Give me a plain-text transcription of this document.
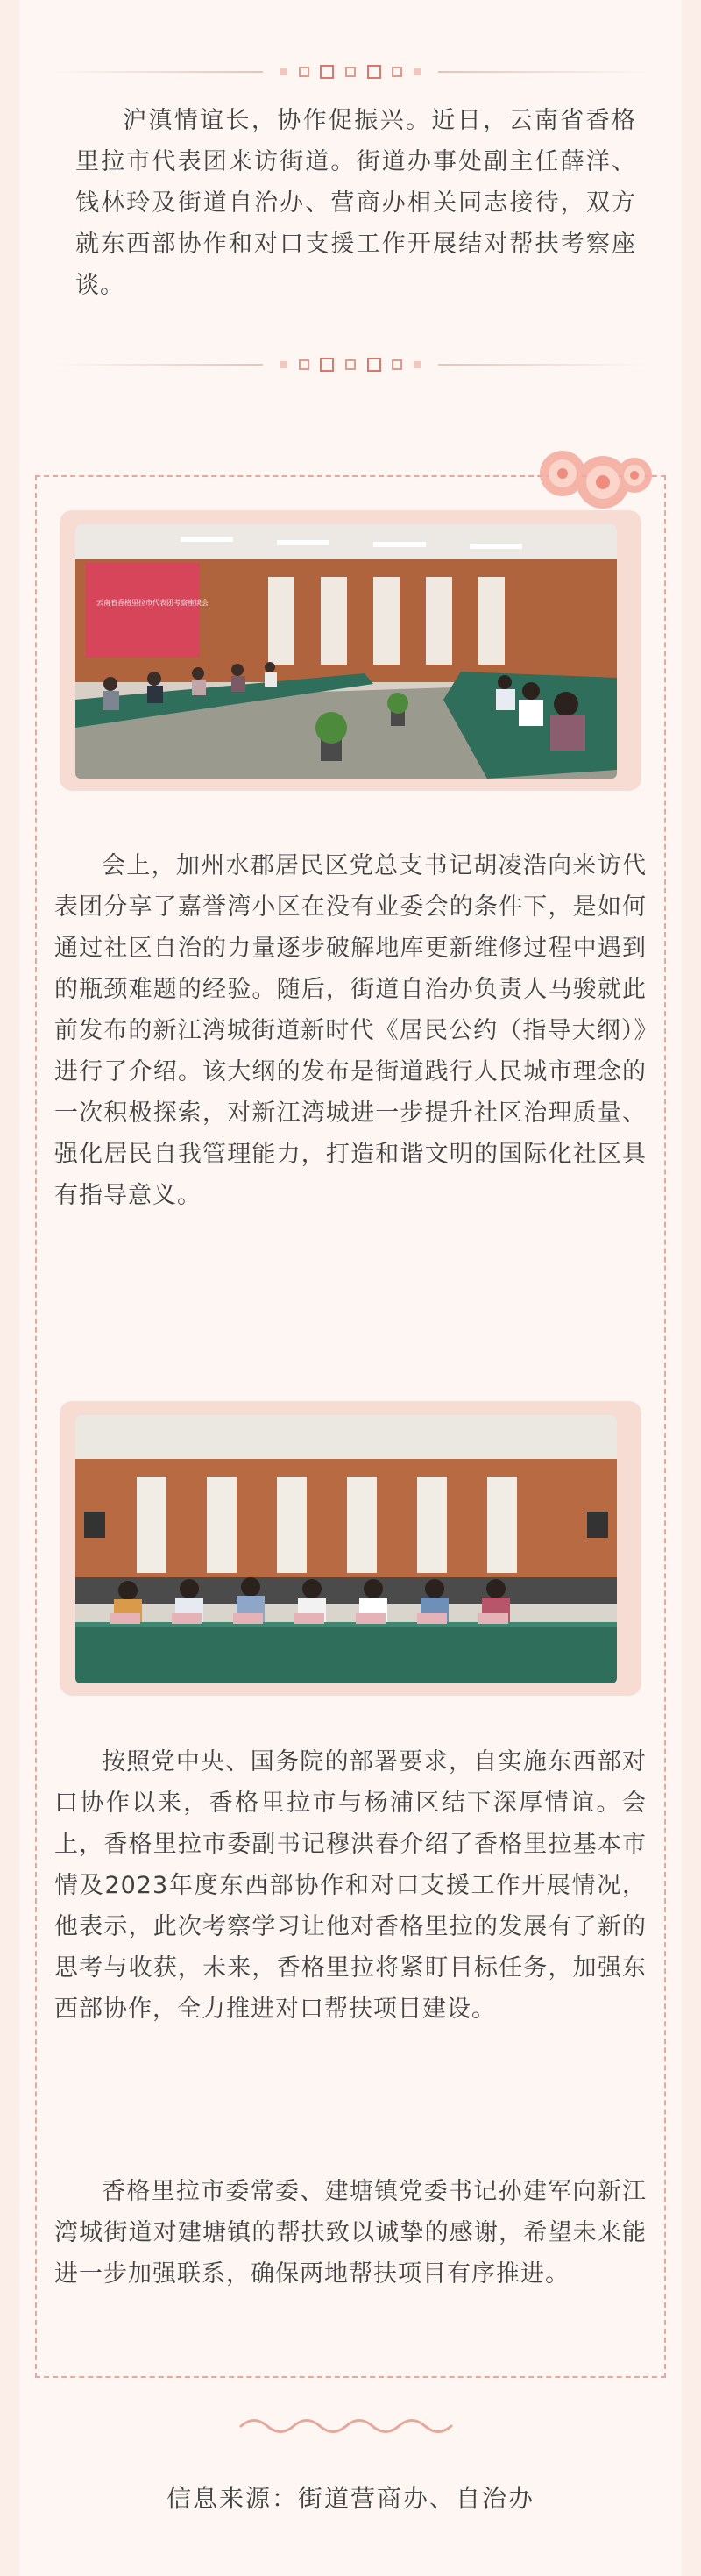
沪滇情谊长，协作促振兴。近日，云南省香格里拉市代表团来访街道。街道办事处副主任薛洋、钱林玲及街道自治办、营商办相关同志接待，双方就东西部协作和对口支援工作开展结对帮扶考察座谈。

云南省香格里拉市代表团考察座谈会

会上，加州水郡居民区党总支书记胡凌浩向来访代表团分享了嘉誉湾小区在没有业委会的条件下，是如何通过社区自治的力量逐步破解地库更新维修过程中遇到的瓶颈难题的经验。随后，街道自治办负责人马骏就此前发布的新江湾城街道新时代《居民公约（指导大纲）》进行了介绍。该大纲的发布是街道践行人民城市理念的一次积极探索，对新江湾城进一步提升社区治理质量、强化居民自我管理能力，打造和谐文明的国际化社区具有指导意义。

按照党中央、国务院的部署要求，自实施东西部对口协作以来，香格里拉市与杨浦区结下深厚情谊。会上，香格里拉市委副书记穆洪春介绍了香格里拉基本市情及2023年度东西部协作和对口支援工作开展情况，他表示，此次考察学习让他对香格里拉的发展有了新的思考与收获，未来，香格里拉将紧盯目标任务，加强东西部协作，全力推进对口帮扶项目建设。

香格里拉市委常委、建塘镇党委书记孙建军向新江湾城街道对建塘镇的帮扶致以诚挚的感谢，希望未来能进一步加强联系，确保两地帮扶项目有序推进。

信息来源：街道营商办、自治办
